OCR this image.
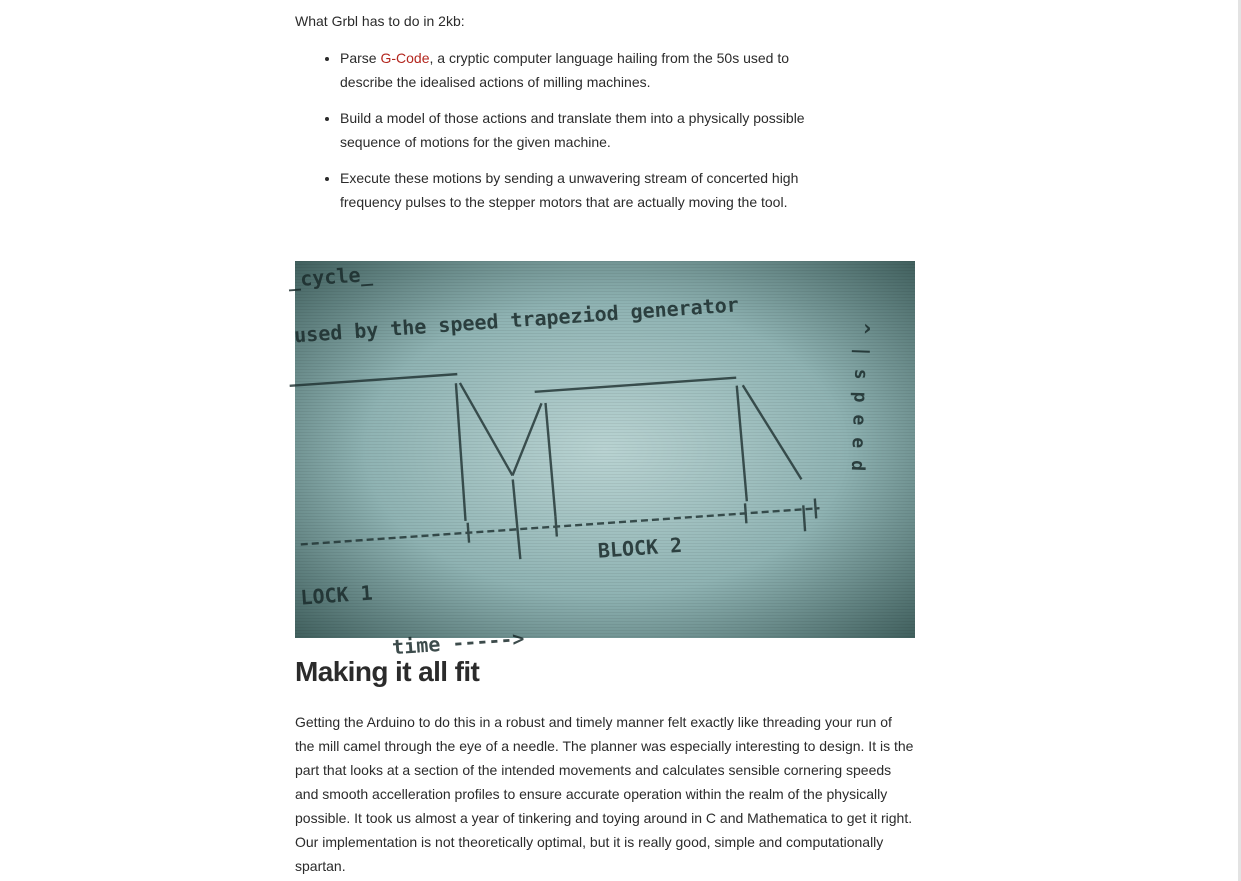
What Grbl has to do in 2kb:

• Parse G-Code, a cryptic computer language hailing from the 50s used to describe the idealised actions of milling machines.
• Build a model of those actions and translate them into a physically possible sequence of motions for the given machine.
• Execute these motions by sending a unwavering stream of concerted high frequency pulses to the stepper motors that are actually moving the tool.
_cycle_
used by the speed trapeziod generator
BLOCK 2
LOCK 1
time ----->
^|speed
Making it all fit

Getting the Arduino to do this in a robust and timely manner felt exactly like threading your run of the mill camel through the eye of a needle. The planner was especially interesting to design. It is the part that looks at a section of the intended movements and calculates sensible cornering speeds and smooth accelleration profiles to ensure accurate operation within the realm of the physically possible. It took us almost a year of tinkering and toying around in C and Mathematica to get it right. Our implementation is not theoretically optimal, but it is really good, simple and computationally spartan.
